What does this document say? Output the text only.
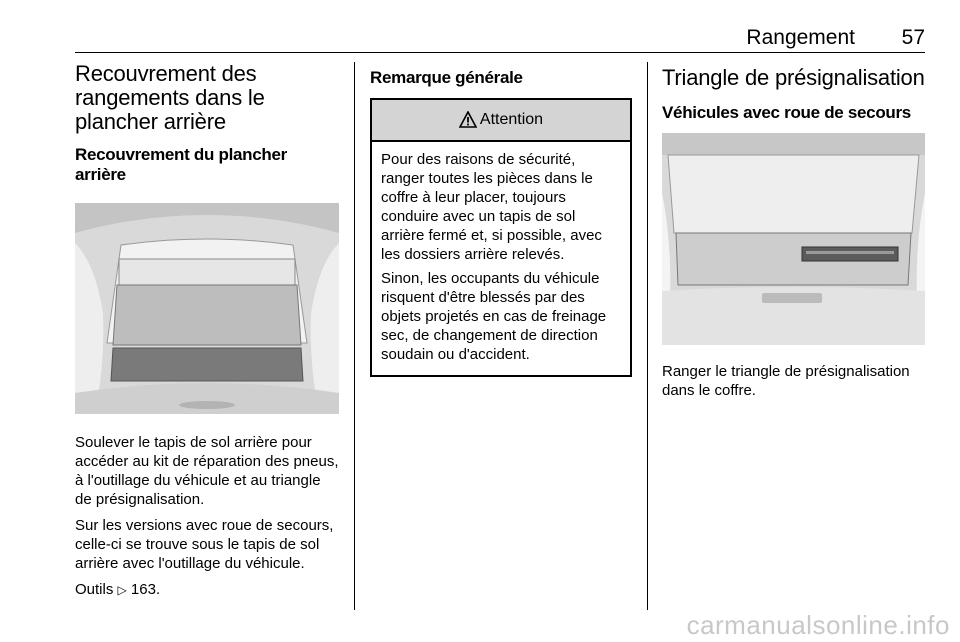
Rangement 57
Recouvrement des rangements dans le plancher arrière
Recouvrement du plancher arrière

Soulever le tapis de sol arrière pour accéder au kit de réparation des pneus, à l'outillage du véhicule et au triangle de présignalisation.

Sur les versions avec roue de secours, celle-ci se trouve sous le tapis de sol arrière avec l'outillage du véhicule.

Outils ▷ 163.

Remarque générale
Attention

Pour des raisons de sécurité, ranger toutes les pièces dans le coffre à leur placer, toujours conduire avec un tapis de sol arrière fermé et, si possible, avec les dossiers arrière relevés.

Sinon, les occupants du véhicule risquent d'être blessés par des objets projetés en cas de freinage sec, de changement de direction soudain ou d'accident.

Triangle de présignalisation
Véhicules avec roue de secours

Ranger le triangle de présignalisation dans le coffre.

carmanualsonline.info
